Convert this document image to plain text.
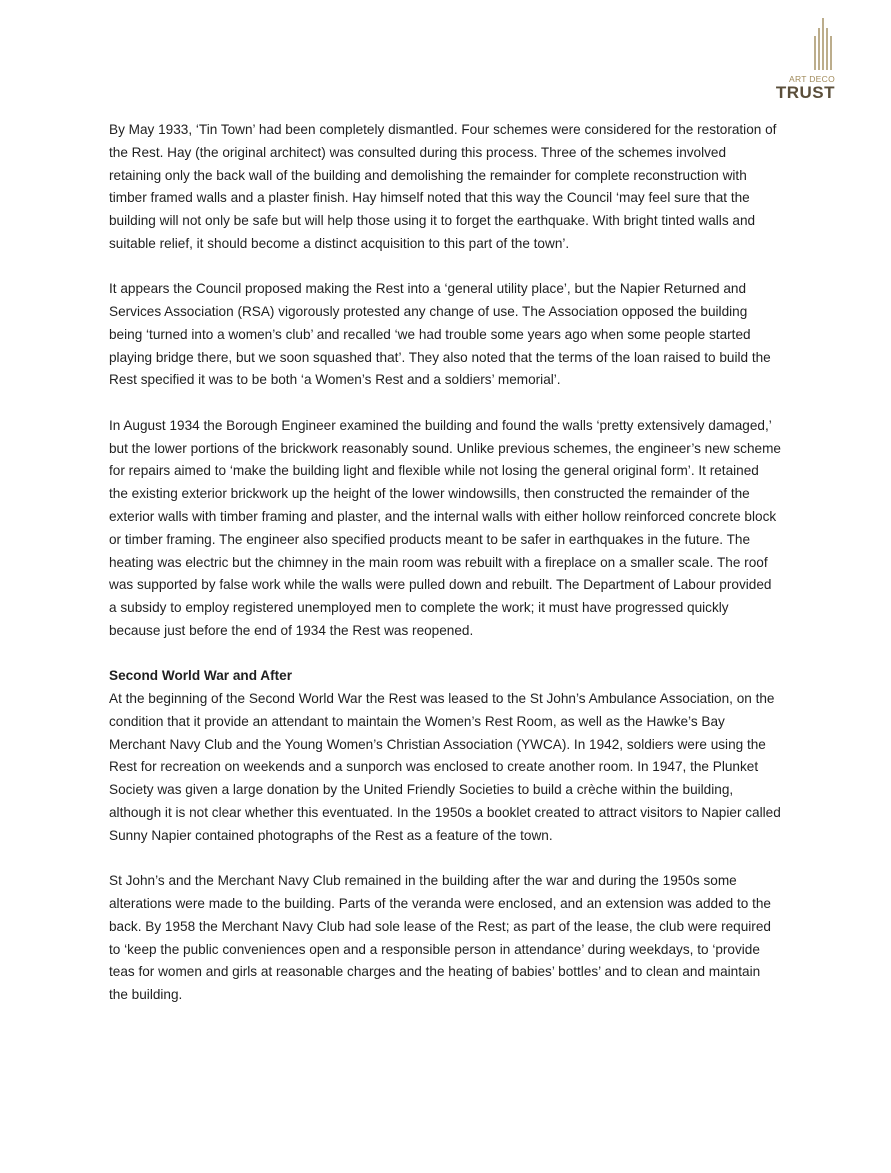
ART DECO
TRUST

By May 1933, ‘Tin Town’ had been completely dismantled. Four schemes were considered for the restoration of the Rest. Hay (the original architect) was consulted during this process. Three of the schemes involved retaining only the back wall of the building and demolishing the remainder for complete reconstruction with timber framed walls and a plaster finish. Hay himself noted that this way the Council ‘may feel sure that the building will not only be safe but will help those using it to forget the earthquake. With bright tinted walls and suitable relief, it should become a distinct acquisition to this part of the town’.

It appears the Council proposed making the Rest into a ‘general utility place’, but the Napier Returned and Services Association (RSA) vigorously protested any change of use. The Association opposed the building being ‘turned into a women’s club’ and recalled ‘we had trouble some years ago when some people started playing bridge there, but we soon squashed that’. They also noted that the terms of the loan raised to build the Rest specified it was to be both ‘a Women’s Rest and a soldiers’ memorial’.

In August 1934 the Borough Engineer examined the building and found the walls ‘pretty extensively damaged,’ but the lower portions of the brickwork reasonably sound. Unlike previous schemes, the engineer’s new scheme for repairs aimed to ‘make the building light and flexible while not losing the general original form’. It retained the existing exterior brickwork up the height of the lower windowsills, then constructed the remainder of the exterior walls with timber framing and plaster, and the internal walls with either hollow reinforced concrete block or timber framing. The engineer also specified products meant to be safer in earthquakes in the future. The heating was electric but the chimney in the main room was rebuilt with a fireplace on a smaller scale. The roof was supported by false work while the walls were pulled down and rebuilt. The Department of Labour provided a subsidy to employ registered unemployed men to complete the work; it must have progressed quickly because just before the end of 1934 the Rest was reopened.

Second World War and After

At the beginning of the Second World War the Rest was leased to the St John’s Ambulance Association, on the condition that it provide an attendant to maintain the Women’s Rest Room, as well as the Hawke’s Bay Merchant Navy Club and the Young Women’s Christian Association (YWCA). In 1942, soldiers were using the Rest for recreation on weekends and a sunporch was enclosed to create another room. In 1947, the Plunket Society was given a large donation by the United Friendly Societies to build a crèche within the building, although it is not clear whether this eventuated. In the 1950s a booklet created to attract visitors to Napier called Sunny Napier contained photographs of the Rest as a feature of the town.

St John’s and the Merchant Navy Club remained in the building after the war and during the 1950s some alterations were made to the building. Parts of the veranda were enclosed, and an extension was added to the back. By 1958 the Merchant Navy Club had sole lease of the Rest; as part of the lease, the club were required to ‘keep the public conveniences open and a responsible person in attendance’ during weekdays, to ‘provide teas for women and girls at reasonable charges and the heating of babies’ bottles’ and to clean and maintain the building.
